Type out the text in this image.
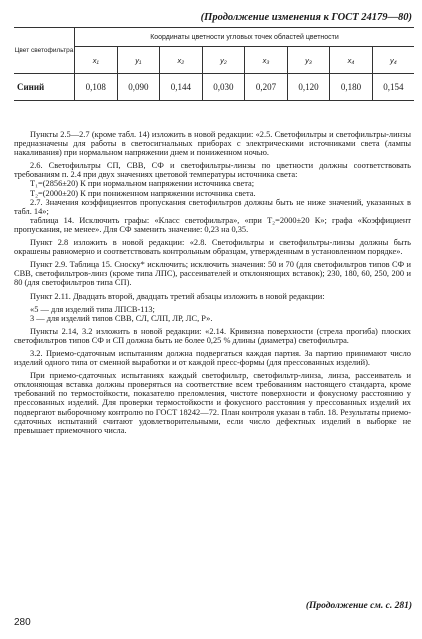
(Продолжение изменения к ГОСТ 24179—80)
Цвет светофильтра	Координаты цветности угловых точек областей цветности							
	x₁	y₁	x₂	y₂	x₃	y₃	x₄	y₄
Синий	0,108	0,090	0,144	0,030	0,207	0,120	0,180	0,154

Пункты 2.5—2.7 (кроме табл. 14) изложить в новой редакции: «2.5. Светофильтры и светофильтры-линзы предназначены для работы в светосигнальных приборах с электрическими источниками света (лампы накаливания) при нормальном напряжении днем и пониженном ночью.

2.6. Светофильтры СП, СВВ, СФ и светофильтры-линзы по цветности должны соответствовать требованиям п. 2.4 при двух значениях цветовой температуры источника света:

T₁=(2856±20) К при нормальном напряжении источника света;

T₂=(2000±20) К при пониженном напряжении источника света.

2.7. Значения коэффициентов пропускания светофильтров должны быть не ниже значений, указанных в табл. 14»;

таблица 14. Исключить графы: «Класс светофильтра», «при T₂=2000±20 К»; графа «Коэффициент пропускания, не менее». Для СФ заменить значение: 0,23 на 0,35.

Пункт 2.8 изложить в новой редакции: «2.8. Светофильтры и светофильтры-линзы должны быть окрашены равномерно и соответствовать контрольным образцам, утвержденным в установленном порядке».

Пункт 2.9. Таблица 15. Сноску* исключить; исключить значения: 50 и 70 (для светофильтров типов СФ и СВВ, светофильтров-линз (кроме типа ЛПС), рассеивателей и отклоняющих вставок); 230, 180, 60, 250, 200 и 80 (для светофильтров типа СП).

Пункт 2.11. Двадцать второй, двадцать третий абзацы изложить в новой редакции:

«5 — для изделий типа ЛПСВ-113;

3 — для изделий типов СВВ, СЛ, СЛП, ЛР, ЛС, Р».

Пункты 2.14, 3.2 изложить в новой редакции: «2.14. Кривизна поверхности (стрела прогиба) плоских светофильтров типов СФ и СП должна быть не более 0,25 % длины (диаметра) светофильтра.

3.2. Приемо-сдаточным испытаниям должна подвергаться каждая партия. За партию принимают число изделий одного типа от сменной выработки и от каждой пресс-формы (для прессованных изделий).

При приемо-сдаточных испытаниях каждый светофильтр, светофильтр-линза, линза, рассеиватель и отклоняющая вставка должны проверяться на соответствие всем требованиям настоящего стандарта, кроме требований по термостойкости, показателю преломления, чистоте поверхности и фокусному расстоянию у прессованных изделий. Для проверки термостойкости и фокусного расстояния у прессованных изделий их подвергают выборочному контролю по ГОСТ 18242—72. План контроля указан в табл. 18. Результаты приемо-сдаточных испытаний считают удовлетворительными, если число дефектных изделий в выборке не превышает приемочного числа.

(Продолжение см. с. 281)
280
